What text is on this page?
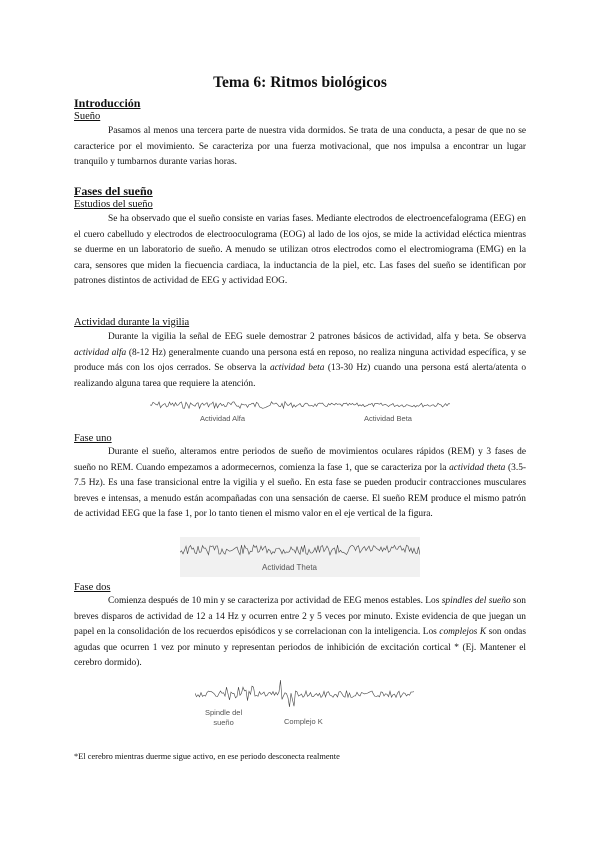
Tema 6: Ritmos biológicos
Introducción
Sueño

Pasamos al menos una tercera parte de nuestra vida dormidos. Se trata de una conducta, a pesar de que no se caracterice por el movimiento. Se caracteriza por una fuerza motivacional, que nos impulsa a encontrar un lugar tranquilo y tumbarnos durante varias horas.

Fases del sueño
Estudios del sueño

Se ha observado que el sueño consiste en varias fases. Mediante electrodos de electroencefalograma (EEG) en el cuero cabelludo y electrodos de electrooculograma (EOG) al lado de los ojos, se mide la actividad eléctica mientras se duerme en un laboratorio de sueño. A menudo se utilizan otros electrodos como el electromiograma (EMG) en la cara, sensores que miden la fiecuencia cardiaca, la inductancia de la piel, etc. Las fases del sueño se identifican por patrones distintos de actividad de EEG y actividad EOG.

Actividad durante la vigilia

Durante la vigilia la señal de EEG suele demostrar 2 patrones básicos de actividad, alfa y beta. Se observa actividad alfa (8-12 Hz) generalmente cuando una persona está en reposo, no realiza ninguna actividad específica, y se produce más con los ojos cerrados. Se observa la actividad beta (13-30 Hz) cuando una persona está alerta/atenta o realizando alguna tarea que requiere la atención.

Actividad Alfa	Actividad Beta
Fase uno

Durante el sueño, alteramos entre periodos de sueño de movimientos oculares rápidos (REM) y 3 fases de sueño no REM. Cuando empezamos a adormecernos, comienza la fase 1, que se caracteriza por la actividad theta (3.5-7.5 Hz). Es una fase transicional entre la vigilia y el sueño. En esta fase se pueden producir contracciones musculares breves e intensas, a menudo están acompañadas con una sensación de caerse. El sueño REM produce el mismo patrón de actividad EEG que la fase 1, por lo tanto tienen el mismo valor en el eje vertical de la figura.

Actividad Theta
Fase dos

Comienza después de 10 min y se caracteriza por actividad de EEG menos estables. Los spindles del sueño son breves disparos de actividad de 12 a 14 Hz y ocurren entre 2 y 5 veces por minuto. Existe evidencia de que juegan un papel en la consolidación de los recuerdos episódicos y se correlacionan con la inteligencia. Los complejos K son ondas agudas que ocurren 1 vez por minuto y representan periodos de inhibición de excitación cortical * (Ej. Mantener el cerebro dormido).

Spindle del
sueño	Complejo K
*El cerebro mientras duerme sigue activo, en ese periodo desconecta realmente
